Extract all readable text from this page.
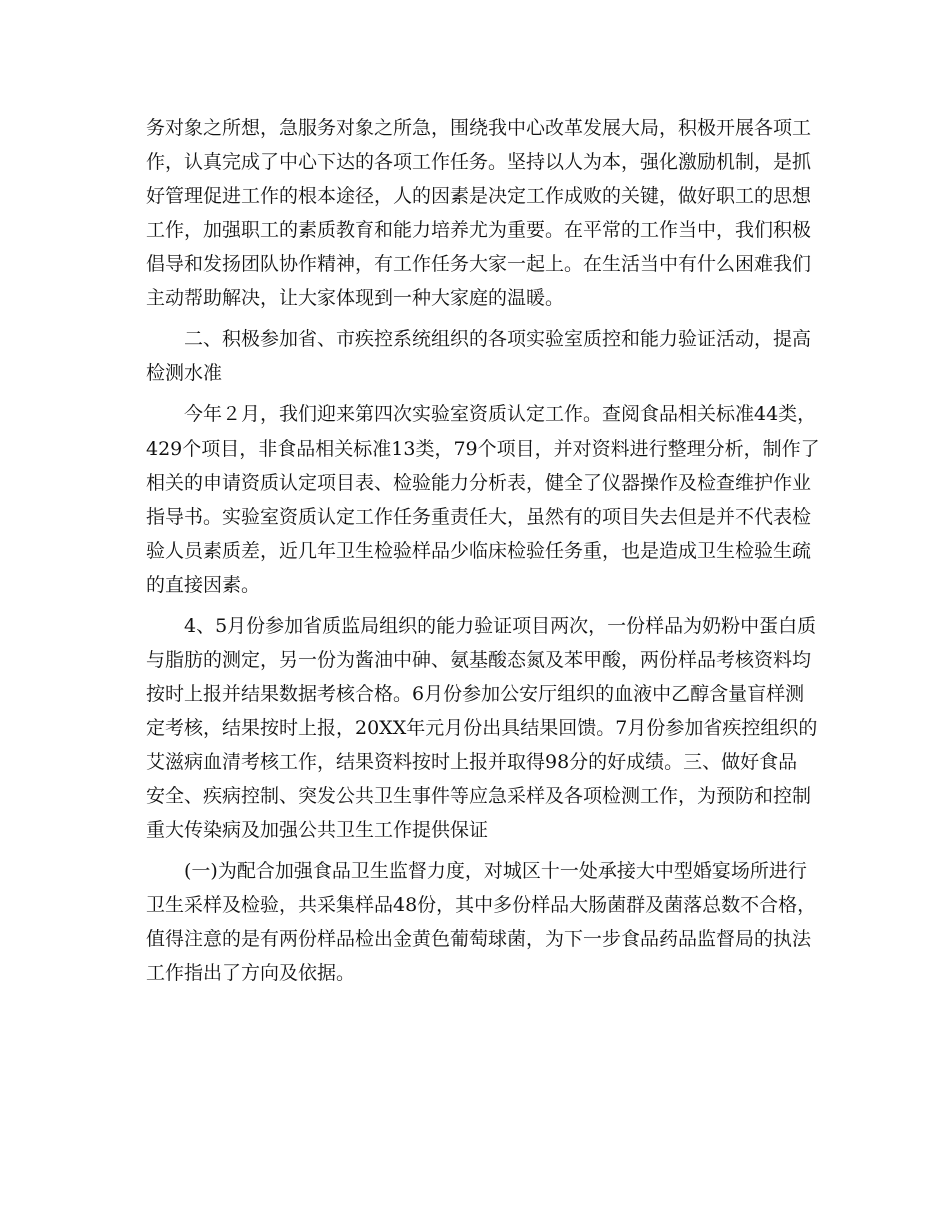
务对象之所想，急服务对象之所急，围绕我中心改革发展大局，积极开展各项工
作，认真完成了中心下达的各项工作任务。坚持以人为本，强化激励机制，是抓
好管理促进工作的根本途径，人的因素是决定工作成败的关键，做好职工的思想
工作，加强职工的素质教育和能力培养尤为重要。在平常的工作当中，我们积极
倡导和发扬团队协作精神，有工作任务大家一起上。在生活当中有什么困难我们
主动帮助解决，让大家体现到一种大家庭的温暖。
二、积极参加省、市疾控系统组织的各项实验室质控和能力验证活动，提高
检测水准
今年２月，我们迎来第四次实验室资质认定工作。查阅食品相关标准44类，
429个项目，非食品相关标准13类，79个项目，并对资料进行整理分析，制作了
相关的申请资质认定项目表、检验能力分析表，健全了仪器操作及检查维护作业
指导书。实验室资质认定工作任务重责任大，虽然有的项目失去但是并不代表检
验人员素质差，近几年卫生检验样品少临床检验任务重，也是造成卫生检验生疏
的直接因素。
4、5月份参加省质监局组织的能力验证项目两次，一份样品为奶粉中蛋白质
与脂肪的测定，另一份为酱油中砷、氨基酸态氮及苯甲酸，两份样品考核资料均
按时上报并结果数据考核合格。6月份参加公安厅组织的血液中乙醇含量盲样测
定考核，结果按时上报，20XX年元月份出具结果回馈。7月份参加省疾控组织的
艾滋病血清考核工作，结果资料按时上报并取得98分的好成绩。三、做好食品
安全、疾病控制、突发公共卫生事件等应急采样及各项检测工作，为预防和控制
重大传染病及加强公共卫生工作提供保证
(一)为配合加强食品卫生监督力度，对城区十一处承接大中型婚宴场所进行
卫生采样及检验，共采集样品48份，其中多份样品大肠菌群及菌落总数不合格，
值得注意的是有两份样品检出金黄色葡萄球菌，为下一步食品药品监督局的执法
工作指出了方向及依据。
